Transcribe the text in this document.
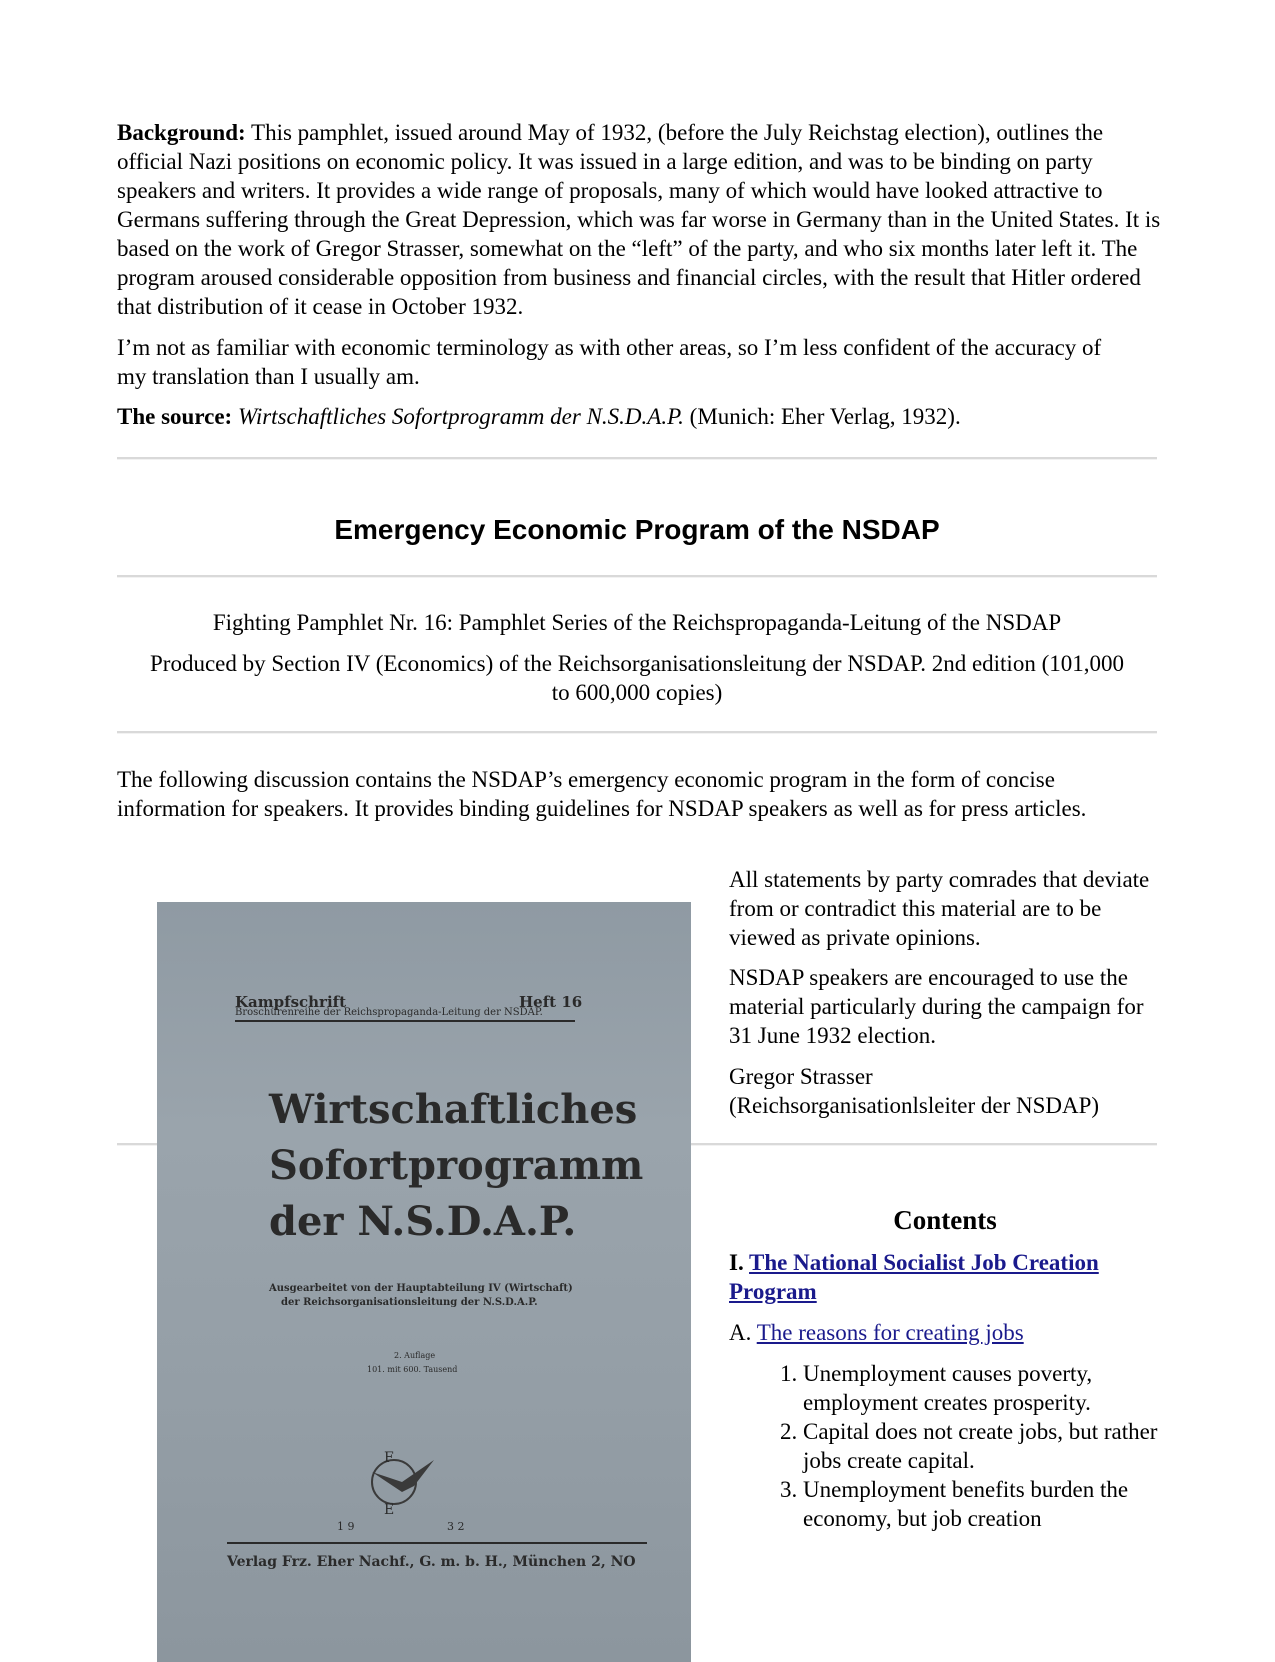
Background: This pamphlet, issued around May of 1932, (before the July Reichstag election), outlines the official Nazi positions on economic policy. It was issued in a large edition, and was to be binding on party speakers and writers. It provides a wide range of proposals, many of which would have looked attractive to Germans suffering through the Great Depression, which was far worse in Germany than in the United States. It is based on the work of Gregor Strasser, somewhat on the “left” of the party, and who six months later left it. The program aroused considerable opposition from business and financial circles, with the result that Hitler ordered that distribution of it cease in October 1932.

I’m not as familiar with economic terminology as with other areas, so I’m less confident of the accuracy of my translation than I usually am.

The source: Wirtschaftliches Sofortprogramm der N.S.D.A.P. (Munich: Eher Verlag, 1932).

Emergency Economic Program of the NSDAP

Fighting Pamphlet Nr. 16: Pamphlet Series of the Reichspropaganda-Leitung of the NSDAP

Produced by Section IV (Economics) of the Reichsorganisationsleitung der NSDAP. 2nd edition (101,000 to 600,000 copies)

The following discussion contains the NSDAP’s emergency economic program in the form of concise information for speakers. It provides binding guidelines for NSDAP speakers as well as for press articles.

All statements by party comrades that deviate from or contradict this material are to be viewed as private opinions.

NSDAP speakers are encouraged to use the material particularly during the campaign for 31 June 1932 election.

Gregor Strasser
(Reichsorganisationlsleiter der NSDAP)
Kampfschrift	Heft 16
Broschürenreihe der Reichspropaganda-Leitung der NSDAP.
Wirtschaftliches
Sofortprogramm
der N.S.D.A.P.
Ausgearbeitet von der Hauptabteilung IV (Wirtschaft)
der Reichsorganisationsleitung der N.S.D.A.P.
2. Auflage
101. mit 600. Tausend
F
E
1 9	3 2
Verlag Frz. Eher Nachf., G. m. b. H., München 2, NO
Contents
I. The National Socialist Job Creation Program
A. The reasons for creating jobs
1. Unemployment causes poverty, employment creates prosperity.
2. Capital does not create jobs, but rather jobs create capital.
3. Unemployment benefits burden the economy, but job creation
